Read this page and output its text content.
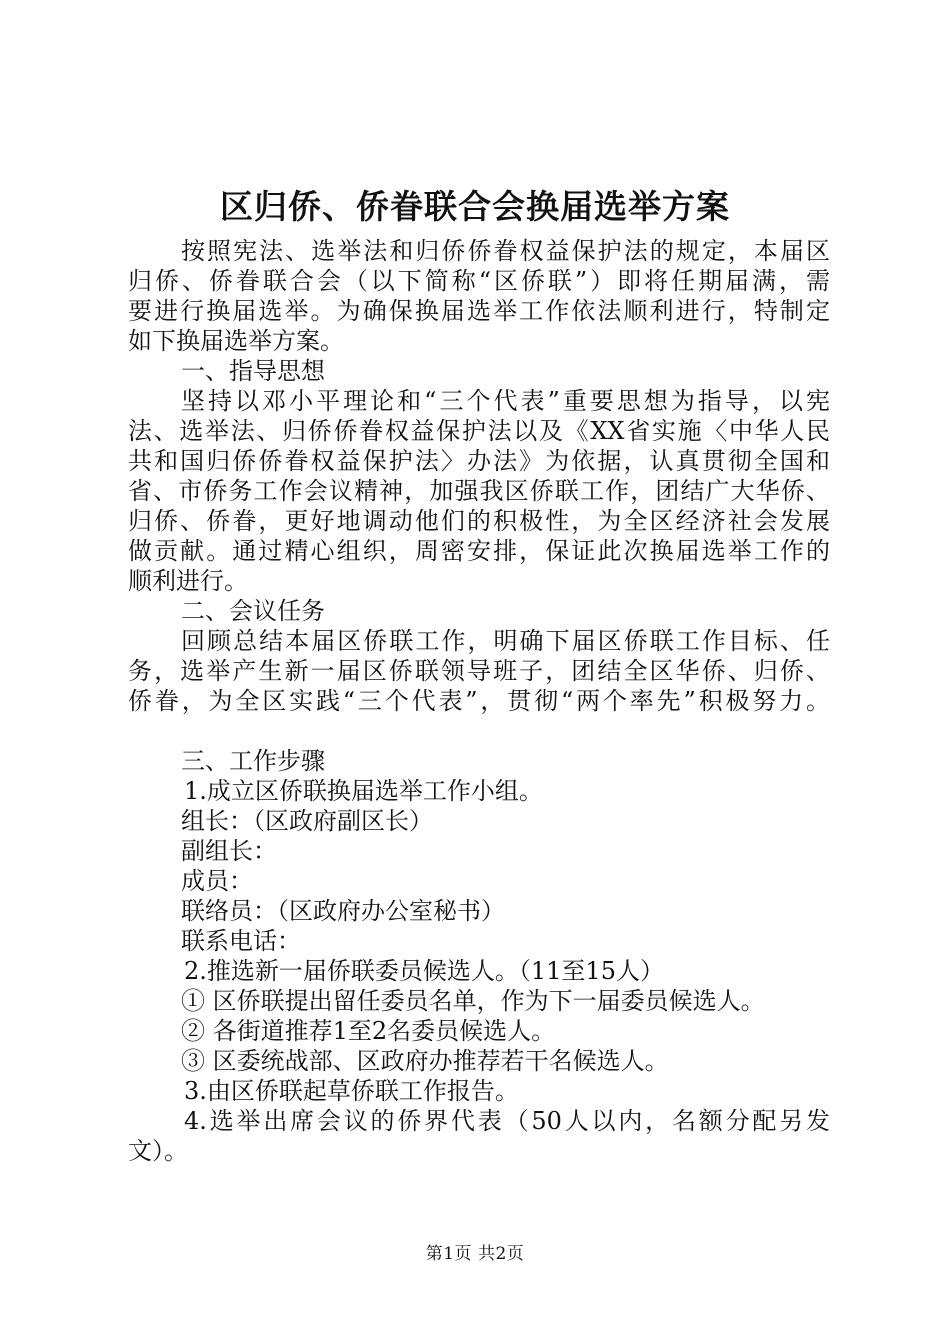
区归侨、侨眷联合会换届选举方案
按照宪法、选举法和归侨侨眷权益保护法的规定，本届区
归侨、侨眷联合会（以下简称“区侨联”）即将任期届满，需
要进行换届选举。为确保换届选举工作依法顺利进行，特制定
如下换届选举方案。
一、指导思想
坚持以邓小平理论和“三个代表”重要思想为指导，以宪
法、选举法、归侨侨眷权益保护法以及《XX省实施〈中华人民
共和国归侨侨眷权益保护法〉办法》为依据，认真贯彻全国和
省、市侨务工作会议精神，加强我区侨联工作，团结广大华侨、
归侨、侨眷，更好地调动他们的积极性，为全区经济社会发展
做贡献。通过精心组织，周密安排，保证此次换届选举工作的
顺利进行。
二、会议任务
回顾总结本届区侨联工作，明确下届区侨联工作目标、任
务，选举产生新一届区侨联领导班子，团结全区华侨、归侨、
侨眷，为全区实践“三个代表”，贯彻“两个率先”积极努力。
三、工作步骤
1.成立区侨联换届选举工作小组。
组长：（区政府副区长）
副组长：
成员：
联络员：（区政府办公室秘书）
联系电话：
2.推选新一届侨联委员候选人。（11至15人）
① 区侨联提出留任委员名单，作为下一届委员候选人。
② 各街道推荐1至2名委员候选人。
③ 区委统战部、区政府办推荐若干名候选人。
3.由区侨联起草侨联工作报告。
4.选举出席会议的侨界代表（50人以内，名额分配另发
文）。
第1页 共2页
